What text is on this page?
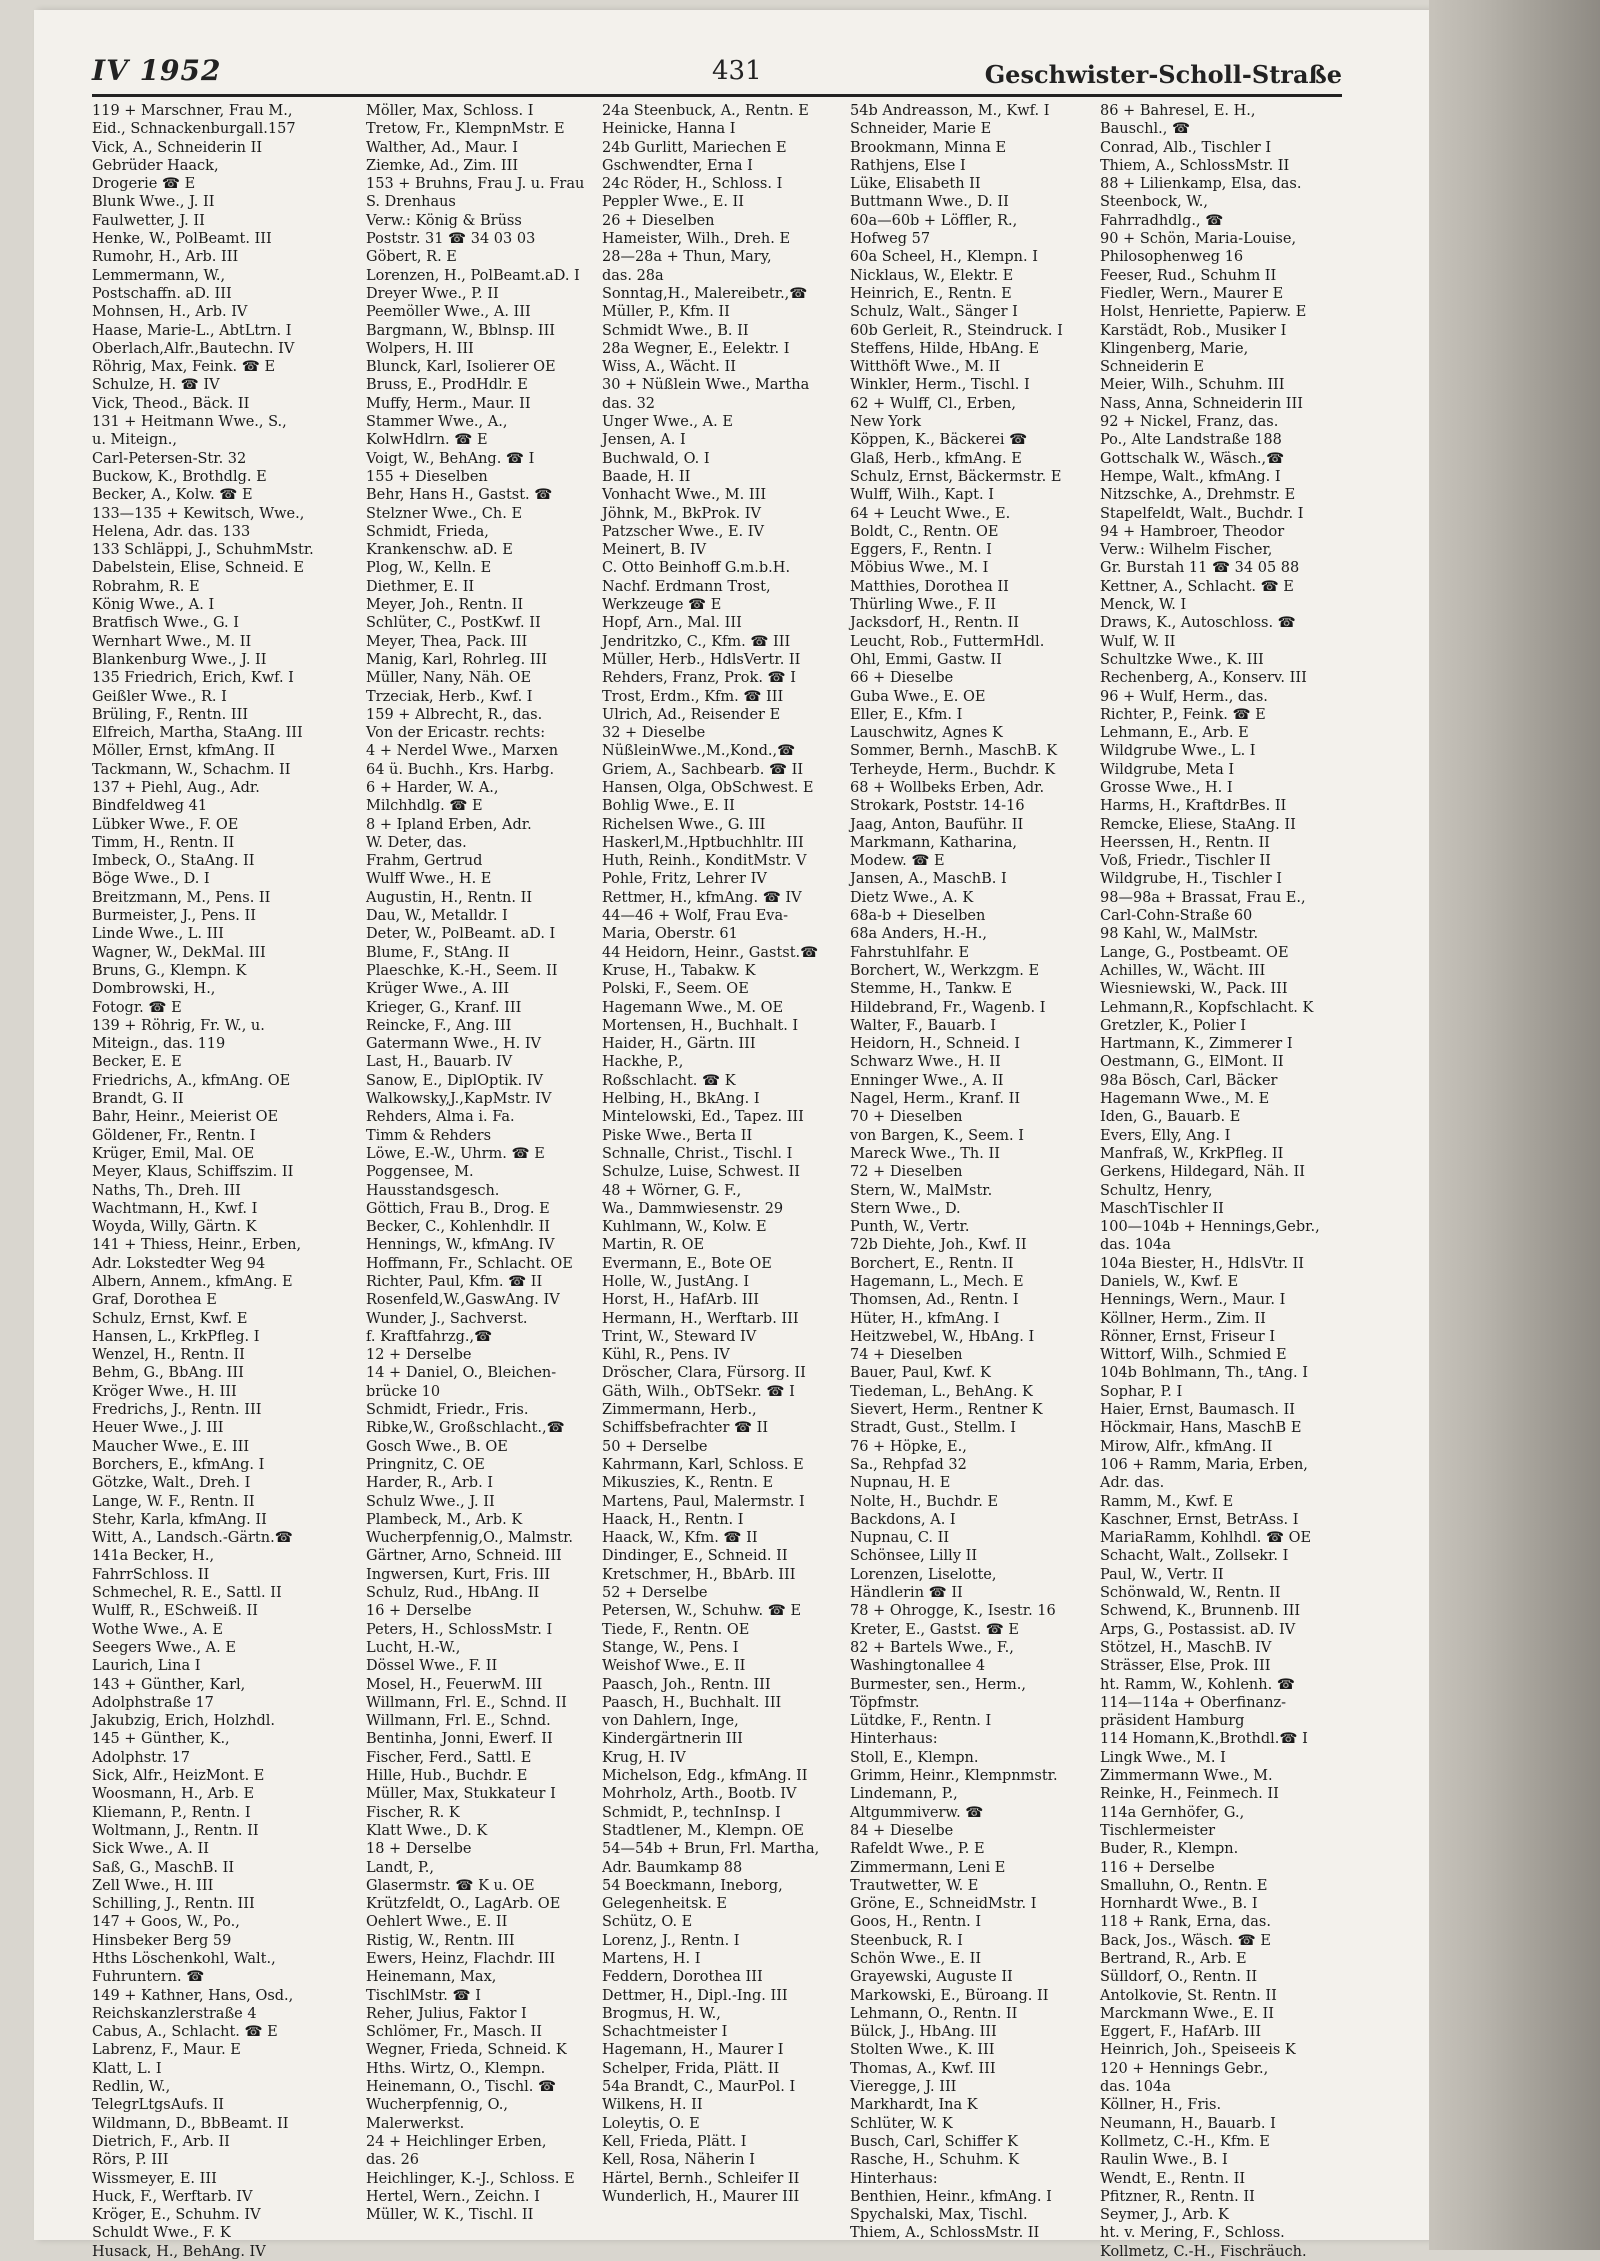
IV 1952	431	Geschwister-Scholl-Straße
119 + Marschner, Frau M.,
Eid., Schnackenburgall.157
Vick, A., Schneiderin II
Gebrüder Haack,
Drogerie ☎ E
Blunk Wwe., J. II
Faulwetter, J. II
Henke, W., PolBeamt. III
Rumohr, H., Arb. III
Lemmermann, W.,
Postschaffn. aD. III
Mohnsen, H., Arb. IV
Haase, Marie-L., AbtLtrn. I
Oberlach,Alfr.,Bautechn. IV
Röhrig, Max, Feink. ☎ E
Schulze, H. ☎ IV
Vick, Theod., Bäck. II
131 + Heitmann Wwe., S.,
u. Miteign.,
Carl-Petersen-Str. 32
Buckow, K., Brothdlg. E
Becker, A., Kolw. ☎ E
133—135 + Kewitsch, Wwe.,
Helena, Adr. das. 133
133 Schläppi, J., SchuhmMstr.
Dabelstein, Elise, Schneid. E
Robrahm, R. E
König Wwe., A. I
Bratfisch Wwe., G. I
Wernhart Wwe., M. II
Blankenburg Wwe., J. II
135 Friedrich, Erich, Kwf. I
Geißler Wwe., R. I
Brüling, F., Rentn. III
Elfreich, Martha, StaAng. III
Möller, Ernst, kfmAng. II
Tackmann, W., Schachm. II
137 + Piehl, Aug., Adr.
Bindfeldweg 41
Lübker Wwe., F. OE
Timm, H., Rentn. II
Imbeck, O., StaAng. II
Böge Wwe., D. I
Breitzmann, M., Pens. II
Burmeister, J., Pens. II
Linde Wwe., L. III
Wagner, W., DekMal. III
Bruns, G., Klempn. K
Dombrowski, H.,
Fotogr. ☎ E
139 + Röhrig, Fr. W., u.
Miteign., das. 119
Becker, E. E
Friedrichs, A., kfmAng. OE
Brandt, G. II
Bahr, Heinr., Meierist OE
Göldener, Fr., Rentn. I
Krüger, Emil, Mal. OE
Meyer, Klaus, Schiffszim. II
Naths, Th., Dreh. III
Wachtmann, H., Kwf. I
Woyda, Willy, Gärtn. K
141 + Thiess, Heinr., Erben,
Adr. Lokstedter Weg 94
Albern, Annem., kfmAng. E
Graf, Dorothea E
Schulz, Ernst, Kwf. E
Hansen, L., KrkPfleg. I
Wenzel, H., Rentn. II
Behm, G., BbAng. III
Kröger Wwe., H. III
Fredrichs, J., Rentn. III
Heuer Wwe., J. III
Maucher Wwe., E. III
Borchers, E., kfmAng. I
Götzke, Walt., Dreh. I
Lange, W. F., Rentn. II
Stehr, Karla, kfmAng. II
Witt, A., Landsch.-Gärtn.☎
141a Becker, H.,
FahrrSchloss. II
Schmechel, R. E., Sattl. II
Wulff, R., ESchweiß. II
Wothe Wwe., A. E
Seegers Wwe., A. E
Laurich, Lina I
143 + Günther, Karl,
Adolphstraße 17
Jakubzig, Erich, Holzhdl.
145 + Günther, K.,
Adolphstr. 17
Sick, Alfr., HeizMont. E
Woosmann, H., Arb. E
Kliemann, P., Rentn. I
Woltmann, J., Rentn. II
Sick Wwe., A. II
Saß, G., MaschB. II
Zell Wwe., H. III
Schilling, J., Rentn. III
147 + Goos, W., Po.,
Hinsbeker Berg 59
Hths Löschenkohl, Walt.,
Fuhruntern. ☎
149 + Kathner, Hans, Osd.,
Reichskanzlerstraße 4
Cabus, A., Schlacht. ☎ E
Labrenz, F., Maur. E
Klatt, L. I
Redlin, W.,
TelegrLtgsAufs. II
Wildmann, D., BbBeamt. II
Dietrich, F., Arb. II
Rörs, P. III
Wissmeyer, E. III
Huck, F., Werftarb. IV
Kröger, E., Schuhm. IV
Schuldt Wwe., F. K
Husack, H., BehAng. IV
Möller, Max, Schloss. I
Tretow, Fr., KlempnMstr. E
Walther, Ad., Maur. I
Ziemke, Ad., Zim. III
153 + Bruhns, Frau J. u. Frau
S. Drenhaus
Verw.: König & Brüss
Poststr. 31 ☎ 34 03 03
Göbert, R. E
Lorenzen, H., PolBeamt.aD. I
Dreyer Wwe., P. II
Peemöller Wwe., A. III
Bargmann, W., Bblnsp. III
Wolpers, H. III
Blunck, Karl, Isolierer OE
Bruss, E., ProdHdlr. E
Muffy, Herm., Maur. II
Stammer Wwe., A.,
KolwHdlrn. ☎ E
Voigt, W., BehAng. ☎ I
155 + Dieselben
Behr, Hans H., Gastst. ☎
Stelzner Wwe., Ch. E
Schmidt, Frieda,
Krankenschw. aD. E
Plog, W., Kelln. E
Diethmer, E. II
Meyer, Joh., Rentn. II
Schlüter, C., PostKwf. II
Meyer, Thea, Pack. III
Manig, Karl, Rohrleg. III
Müller, Nany, Näh. OE
Trzeciak, Herb., Kwf. I
159 + Albrecht, R., das.
Von der Ericastr. rechts:
4 + Nerdel Wwe., Marxen
64 ü. Buchh., Krs. Harbg.
6 + Harder, W. A.,
Milchhdlg. ☎ E
8 + Ipland Erben, Adr.
W. Deter, das.
Frahm, Gertrud
Wulff Wwe., H. E
Augustin, H., Rentn. II
Dau, W., Metalldr. I
Deter, W., PolBeamt. aD. I
Blume, F., StAng. II
Plaeschke, K.-H., Seem. II
Krüger Wwe., A. III
Krieger, G., Kranf. III
Reincke, F., Ang. III
Gatermann Wwe., H. IV
Last, H., Bauarb. IV
Sanow, E., DiplOptik. IV
Walkowsky,J.,KapMstr. IV
Rehders, Alma i. Fa.
Timm & Rehders
Löwe, E.-W., Uhrm. ☎ E
Poggensee, M.
Hausstandsgesch.
Göttich, Frau B., Drog. E
Becker, C., Kohlenhdlr. II
Hennings, W., kfmAng. IV
Hoffmann, Fr., Schlacht. OE
Richter, Paul, Kfm. ☎ II
Rosenfeld,W.,GaswAng. IV
Wunder, J., Sachverst.
f. Kraftfahrzg.,☎
12 + Derselbe
14 + Daniel, O., Bleichen-
brücke 10
Schmidt, Friedr., Fris.
Ribke,W., Großschlacht.,☎
Gosch Wwe., B. OE
Pringnitz, C. OE
Harder, R., Arb. I
Schulz Wwe., J. II
Plambeck, M., Arb. K
Wucherpfennig,O., Malmstr.
Gärtner, Arno, Schneid. III
Ingwersen, Kurt, Fris. III
Schulz, Rud., HbAng. II
16 + Derselbe
Peters, H., SchlossMstr. I
Lucht, H.-W.,
Dössel Wwe., F. II
Mosel, H., FeuerwM. III
Willmann, Frl. E., Schnd. II
Willmann, Frl. E., Schnd.
Bentinha, Jonni, Ewerf. II
Fischer, Ferd., Sattl. E
Hille, Hub., Buchdr. E
Müller, Max, Stukkateur I
Fischer, R. K
Klatt Wwe., D. K
18 + Derselbe
Landt, P.,
Glasermstr. ☎ K u. OE
Krützfeldt, O., LagArb. OE
Oehlert Wwe., E. II
Ristig, W., Rentn. III
Ewers, Heinz, Flachdr. III
Heinemann, Max,
TischlMstr. ☎ I
Reher, Julius, Faktor I
Schlömer, Fr., Masch. II
Wegner, Frieda, Schneid. K
Hths. Wirtz, O., Klempn.
Heinemann, O., Tischl. ☎
Wucherpfennig, O.,
Malerwerkst.
24 + Heichlinger Erben,
das. 26
Heichlinger, K.-J., Schloss. E
Hertel, Wern., Zeichn. I
Müller, W. K., Tischl. II
24a Steenbuck, A., Rentn. E
Heinicke, Hanna I
24b Gurlitt, Mariechen E
Gschwendter, Erna I
24c Röder, H., Schloss. I
Peppler Wwe., E. II
26 + Dieselben
Hameister, Wilh., Dreh. E
28—28a + Thun, Mary,
das. 28a
Sonntag,H., Malereibetr.,☎
Müller, P., Kfm. II
Schmidt Wwe., B. II
28a Wegner, E., Eelektr. I
Wiss, A., Wächt. II
30 + Nüßlein Wwe., Martha
das. 32
Unger Wwe., A. E
Jensen, A. I
Buchwald, O. I
Baade, H. II
Vonhacht Wwe., M. III
Jöhnk, M., BkProk. IV
Patzscher Wwe., E. IV
Meinert, B. IV
C. Otto Beinhoff G.m.b.H.
Nachf. Erdmann Trost,
Werkzeuge ☎ E
Hopf, Arn., Mal. III
Jendritzko, C., Kfm. ☎ III
Müller, Herb., HdlsVertr. II
Rehders, Franz, Prok. ☎ I
Trost, Erdm., Kfm. ☎ III
Ulrich, Ad., Reisender E
32 + Dieselbe
NüßleinWwe.,M.,Kond.,☎
Griem, A., Sachbearb. ☎ II
Hansen, Olga, ObSchwest. E
Bohlig Wwe., E. II
Richelsen Wwe., G. III
Haskerl,M.,Hptbuchhltr. III
Huth, Reinh., KonditMstr. V
Pohle, Fritz, Lehrer IV
Rettmer, H., kfmAng. ☎ IV
44—46 + Wolf, Frau Eva-
Maria, Oberstr. 61
44 Heidorn, Heinr., Gastst.☎
Kruse, H., Tabakw. K
Polski, F., Seem. OE
Hagemann Wwe., M. OE
Mortensen, H., Buchhalt. I
Haider, H., Gärtn. III
Hackhe, P.,
Roßschlacht. ☎ K
Helbing, H., BkAng. I
Mintelowski, Ed., Tapez. III
Piske Wwe., Berta II
Schnalle, Christ., Tischl. I
Schulze, Luise, Schwest. II
48 + Wörner, G. F.,
Wa., Dammwiesenstr. 29
Kuhlmann, W., Kolw. E
Martin, R. OE
Evermann, E., Bote OE
Holle, W., JustAng. I
Horst, H., HafArb. III
Hermann, H., Werftarb. III
Trint, W., Steward IV
Kühl, R., Pens. IV
Dröscher, Clara, Fürsorg. II
Gäth, Wilh., ObTSekr. ☎ I
Zimmermann, Herb.,
Schiffsbefrachter ☎ II
50 + Derselbe
Kahrmann, Karl, Schloss. E
Mikuszies, K., Rentn. E
Martens, Paul, Malermstr. I
Haack, H., Rentn. I
Haack, W., Kfm. ☎ II
Dindinger, E., Schneid. II
Kretschmer, H., BbArb. III
52 + Derselbe
Petersen, W., Schuhw. ☎ E
Tiede, F., Rentn. OE
Stange, W., Pens. I
Weishof Wwe., E. II
Paasch, Joh., Rentn. III
Paasch, H., Buchhalt. III
von Dahlern, Inge,
Kindergärtnerin III
Krug, H. IV
Michelson, Edg., kfmAng. II
Mohrholz, Arth., Bootb. IV
Schmidt, P., technInsp. I
Stadtlener, M., Klempn. OE
54—54b + Brun, Frl. Martha,
Adr. Baumkamp 88
54 Boeckmann, Ineborg,
Gelegenheitsk. E
Schütz, O. E
Lorenz, J., Rentn. I
Martens, H. I
Feddern, Dorothea III
Dettmer, H., Dipl.-Ing. III
Brogmus, H. W.,
Schachtmeister I
Hagemann, H., Maurer I
Schelper, Frida, Plätt. II
54a Brandt, C., MaurPol. I
Wilkens, H. II
Loleytis, O. E
Kell, Frieda, Plätt. I
Kell, Rosa, Näherin I
Härtel, Bernh., Schleifer II
Wunderlich, H., Maurer III
54b Andreasson, M., Kwf. I
Schneider, Marie E
Brookmann, Minna E
Rathjens, Else I
Lüke, Elisabeth II
Buttmann Wwe., D. II
60a—60b + Löffler, R.,
Hofweg 57
60a Scheel, H., Klempn. I
Nicklaus, W., Elektr. E
Heinrich, E., Rentn. E
Schulz, Walt., Sänger I
60b Gerleit, R., Steindruck. I
Steffens, Hilde, HbAng. E
Witthöft Wwe., M. II
Winkler, Herm., Tischl. I
62 + Wulff, Cl., Erben,
New York
Köppen, K., Bäckerei ☎
Glaß, Herb., kfmAng. E
Schulz, Ernst, Bäckermstr. E
Wulff, Wilh., Kapt. I
64 + Leucht Wwe., E.
Boldt, C., Rentn. OE
Eggers, F., Rentn. I
Möbius Wwe., M. I
Matthies, Dorothea II
Thürling Wwe., F. II
Jacksdorf, H., Rentn. II
Leucht, Rob., FuttermHdl.
Ohl, Emmi, Gastw. II
66 + Dieselbe
Guba Wwe., E. OE
Eller, E., Kfm. I
Lauschwitz, Agnes K
Sommer, Bernh., MaschB. K
Terheyde, Herm., Buchdr. K
68 + Wollbeks Erben, Adr.
Strokark, Poststr. 14-16
Jaag, Anton, Bauführ. II
Markmann, Katharina,
Modew. ☎ E
Jansen, A., MaschB. I
Dietz Wwe., A. K
68a-b + Dieselben
68a Anders, H.-H.,
Fahrstuhlfahr. E
Borchert, W., Werkzgm. E
Stemme, H., Tankw. E
Hildebrand, Fr., Wagenb. I
Walter, F., Bauarb. I
Heidorn, H., Schneid. I
Schwarz Wwe., H. II
Enninger Wwe., A. II
Nagel, Herm., Kranf. II
70 + Dieselben
von Bargen, K., Seem. I
Mareck Wwe., Th. II
72 + Dieselben
Stern, W., MalMstr.
Stern Wwe., D.
Punth, W., Vertr.
72b Diehte, Joh., Kwf. II
Borchert, E., Rentn. II
Hagemann, L., Mech. E
Thomsen, Ad., Rentn. I
Hüter, H., kfmAng. I
Heitzwebel, W., HbAng. I
74 + Dieselben
Bauer, Paul, Kwf. K
Tiedeman, L., BehAng. K
Sievert, Herm., Rentner K
Stradt, Gust., Stellm. I
76 + Höpke, E.,
Sa., Rehpfad 32
Nupnau, H. E
Nolte, H., Buchdr. E
Backdons, A. I
Nupnau, C. II
Schönsee, Lilly II
Lorenzen, Liselotte,
Händlerin ☎ II
78 + Ohrogge, K., Isestr. 16
Kreter, E., Gastst. ☎ E
82 + Bartels Wwe., F.,
Washingtonallee 4
Burmester, sen., Herm.,
Töpfmstr.
Lütdke, F., Rentn. I
Hinterhaus:
Stoll, E., Klempn.
Grimm, Heinr., Klempnmstr.
Lindemann, P.,
Altgummiverw. ☎
84 + Dieselbe
Rafeldt Wwe., P. E
Zimmermann, Leni E
Trautwetter, W. E
Gröne, E., SchneidMstr. I
Goos, H., Rentn. I
Steenbuck, R. I
Schön Wwe., E. II
Grayewski, Auguste II
Markowski, E., Büroang. II
Lehmann, O., Rentn. II
Bülck, J., HbAng. III
Stolten Wwe., K. III
Thomas, A., Kwf. III
Vieregge, J. III
Markhardt, Ina K
Schlüter, W. K
Busch, Carl, Schiffer K
Rasche, H., Schuhm. K
Hinterhaus:
Benthien, Heinr., kfmAng. I
Spychalski, Max, Tischl.
Thiem, A., SchlossMstr. II
86 + Bahresel, E. H.,
Bauschl., ☎
Conrad, Alb., Tischler I
Thiem, A., SchlossMstr. II
88 + Lilienkamp, Elsa, das.
Steenbock, W.,
Fahrradhdlg., ☎
90 + Schön, Maria-Louise,
Philosophenweg 16
Feeser, Rud., Schuhm II
Fiedler, Wern., Maurer E
Holst, Henriette, Papierw. E
Karstädt, Rob., Musiker I
Klingenberg, Marie,
Schneiderin E
Meier, Wilh., Schuhm. III
Nass, Anna, Schneiderin III
92 + Nickel, Franz, das.
Po., Alte Landstraße 188
Gottschalk W., Wäsch.,☎
Hempe, Walt., kfmAng. I
Nitzschke, A., Drehmstr. E
Stapelfeldt, Walt., Buchdr. I
94 + Hambroer, Theodor
Verw.: Wilhelm Fischer,
Gr. Burstah 11 ☎ 34 05 88
Kettner, A., Schlacht. ☎ E
Menck, W. I
Draws, K., Autoschloss. ☎
Wulf, W. II
Schultzke Wwe., K. III
Rechenberg, A., Konserv. III
96 + Wulf, Herm., das.
Richter, P., Feink. ☎ E
Lehmann, E., Arb. E
Wildgrube Wwe., L. I
Wildgrube, Meta I
Grosse Wwe., H. I
Harms, H., KraftdrBes. II
Remcke, Eliese, StaAng. II
Heerssen, H., Rentn. II
Voß, Friedr., Tischler II
Wildgrube, H., Tischler I
98—98a + Brassat, Frau E.,
Carl-Cohn-Straße 60
98 Kahl, W., MalMstr.
Lange, G., Postbeamt. OE
Achilles, W., Wächt. III
Wiesniewski, W., Pack. III
Lehmann,R., Kopfschlacht. K
Gretzler, K., Polier I
Hartmann, K., Zimmerer I
Oestmann, G., ElMont. II
98a Bösch, Carl, Bäcker
Hagemann Wwe., M. E
Iden, G., Bauarb. E
Evers, Elly, Ang. I
Manfraß, W., KrkPfleg. II
Gerkens, Hildegard, Näh. II
Schultz, Henry,
MaschTischler II
100—104b + Hennings,Gebr.,
das. 104a
104a Biester, H., HdlsVtr. II
Daniels, W., Kwf. E
Hennings, Wern., Maur. I
Köllner, Herm., Zim. II
Rönner, Ernst, Friseur I
Wittorf, Wilh., Schmied E
104b Bohlmann, Th., tAng. I
Sophar, P. I
Haier, Ernst, Baumasch. II
Höckmair, Hans, MaschB E
Mirow, Alfr., kfmAng. II
106 + Ramm, Maria, Erben,
Adr. das.
Ramm, M., Kwf. E
Kaschner, Ernst, BetrAss. I
MariaRamm, Kohlhdl. ☎ OE
Schacht, Walt., Zollsekr. I
Paul, W., Vertr. II
Schönwald, W., Rentn. II
Schwend, K., Brunnenb. III
Arps, G., Postassist. aD. IV
Stötzel, H., MaschB. IV
Strässer, Else, Prok. III
ht. Ramm, W., Kohlenh. ☎
114—114a + Oberfinanz-
präsident Hamburg
114 Homann,K.,Brothdl.☎ I
Lingk Wwe., M. I
Zimmermann Wwe., M.
Reinke, H., Feinmech. II
114a Gernhöfer, G.,
Tischlermeister
Buder, R., Klempn.
116 + Derselbe
Smalluhn, O., Rentn. E
Hornhardt Wwe., B. I
118 + Rank, Erna, das.
Back, Jos., Wäsch. ☎ E
Bertrand, R., Arb. E
Sülldorf, O., Rentn. II
Antolkovie, St. Rentn. II
Marckmann Wwe., E. II
Eggert, F., HafArb. III
Heinrich, Joh., Speiseeis K
120 + Hennings Gebr.,
das. 104a
Köllner, H., Fris.
Neumann, H., Bauarb. I
Kollmetz, C.-H., Kfm. E
Raulin Wwe., B. I
Wendt, E., Rentn. II
Pfitzner, R., Rentn. II
Seymer, J., Arb. K
ht. v. Mering, F., Schloss.
Kollmetz, C.-H., Fischräuch.
